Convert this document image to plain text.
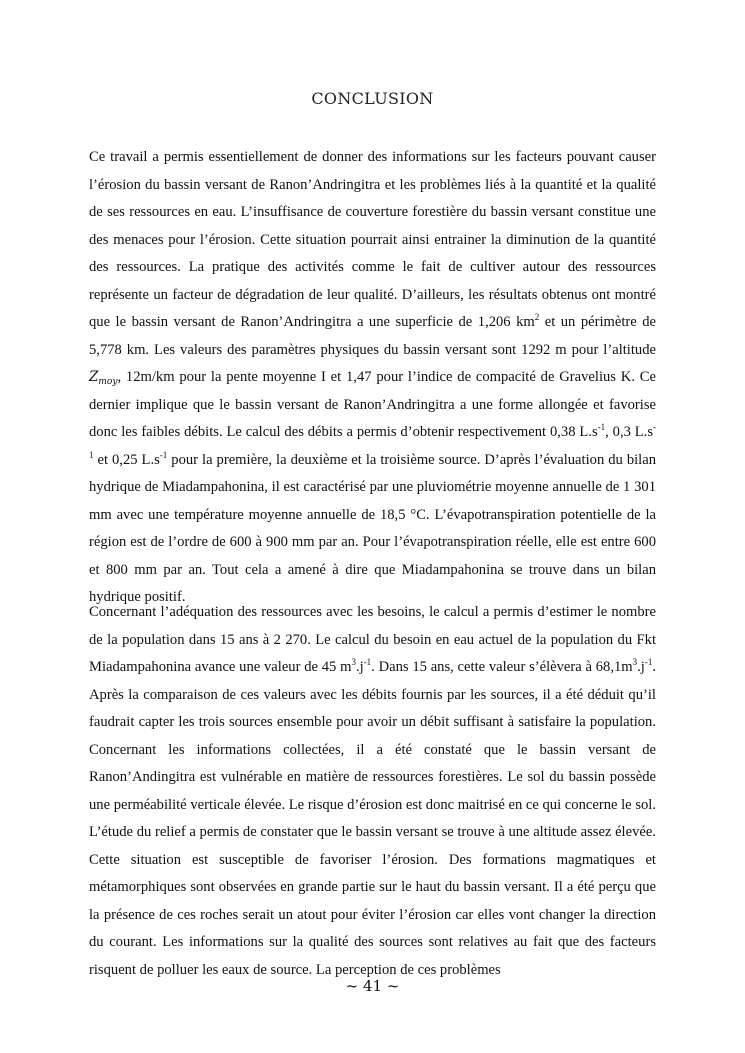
CONCLUSION

Ce travail a permis essentiellement de donner des informations sur les facteurs pouvant causer l’érosion du bassin versant de Ranon’Andringitra et les problèmes liés à la quantité et la qualité de ses ressources en eau. L’insuffisance de couverture forestière du bassin versant constitue une des menaces pour l’érosion. Cette situation pourrait ainsi entrainer la diminution de la quantité des ressources. La pratique des activités comme le fait de cultiver autour des ressources représente un facteur de dégradation de leur qualité. D’ailleurs, les résultats obtenus ont montré que le bassin versant de Ranon’Andringitra a une superficie de 1,206 $km^2$ et un périmètre de 5,778 km. Les valeurs des paramètres physiques du bassin versant sont 1292 m pour l’altitude $Z_{moy}$, 12m/km pour la pente moyenne I et 1,47 pour l’indice de compacité de Gravelius K. Ce dernier implique que le bassin versant de Ranon’Andringitra a une forme allongée et favorise donc les faibles débits. Le calcul des débits a permis d’obtenir respectivement 0,38 $L.s^{-1}$, 0,3 $L.s^{-1}$ et 0,25 $L.s^{-1}$ pour la première, la deuxième et la troisième source. D’après l’évaluation du bilan hydrique de Miadampahonina, il est caractérisé par une pluviométrie moyenne annuelle de 1 301 mm avec une température moyenne annuelle de 18,5 °C. L’évapotranspiration potentielle de la région est de l’ordre de 600 à 900 mm par an. Pour l’évapotranspiration réelle, elle est entre 600 et 800 mm par an. Tout cela a amené à dire que Miadampahonina se trouve dans un bilan hydrique positif.

Concernant l’adéquation des ressources avec les besoins, le calcul a permis d’estimer le nombre de la population dans 15 ans à 2 270. Le calcul du besoin en eau actuel de la population du Fkt Miadampahonina avance une valeur de 45 $m^3.j^{-1}$. Dans 15 ans, cette valeur s’élèvera à $68,1m^3.j^{-1}$. Après la comparaison de ces valeurs avec les débits fournis par les sources, il a été déduit qu’il faudrait capter les trois sources ensemble pour avoir un débit suffisant à satisfaire la population. Concernant les informations collectées, il a été constaté que le bassin versant de Ranon’Andingitra est vulnérable en matière de ressources forestières. Le sol du bassin possède une perméabilité verticale élevée. Le risque d’érosion est donc maitrisé en ce qui concerne le sol. L’étude du relief a permis de constater que le bassin versant se trouve à une altitude assez élevée. Cette situation est susceptible de favoriser l’érosion. Des formations magmatiques et métamorphiques sont observées en grande partie sur le haut du bassin versant. Il a été perçu que la présence de ces roches serait un atout pour éviter l’érosion car elles vont changer la direction du courant. Les informations sur la qualité des sources sont relatives au fait que des facteurs risquent de polluer les eaux de source. La perception de ces problèmes

~ 41 ~
